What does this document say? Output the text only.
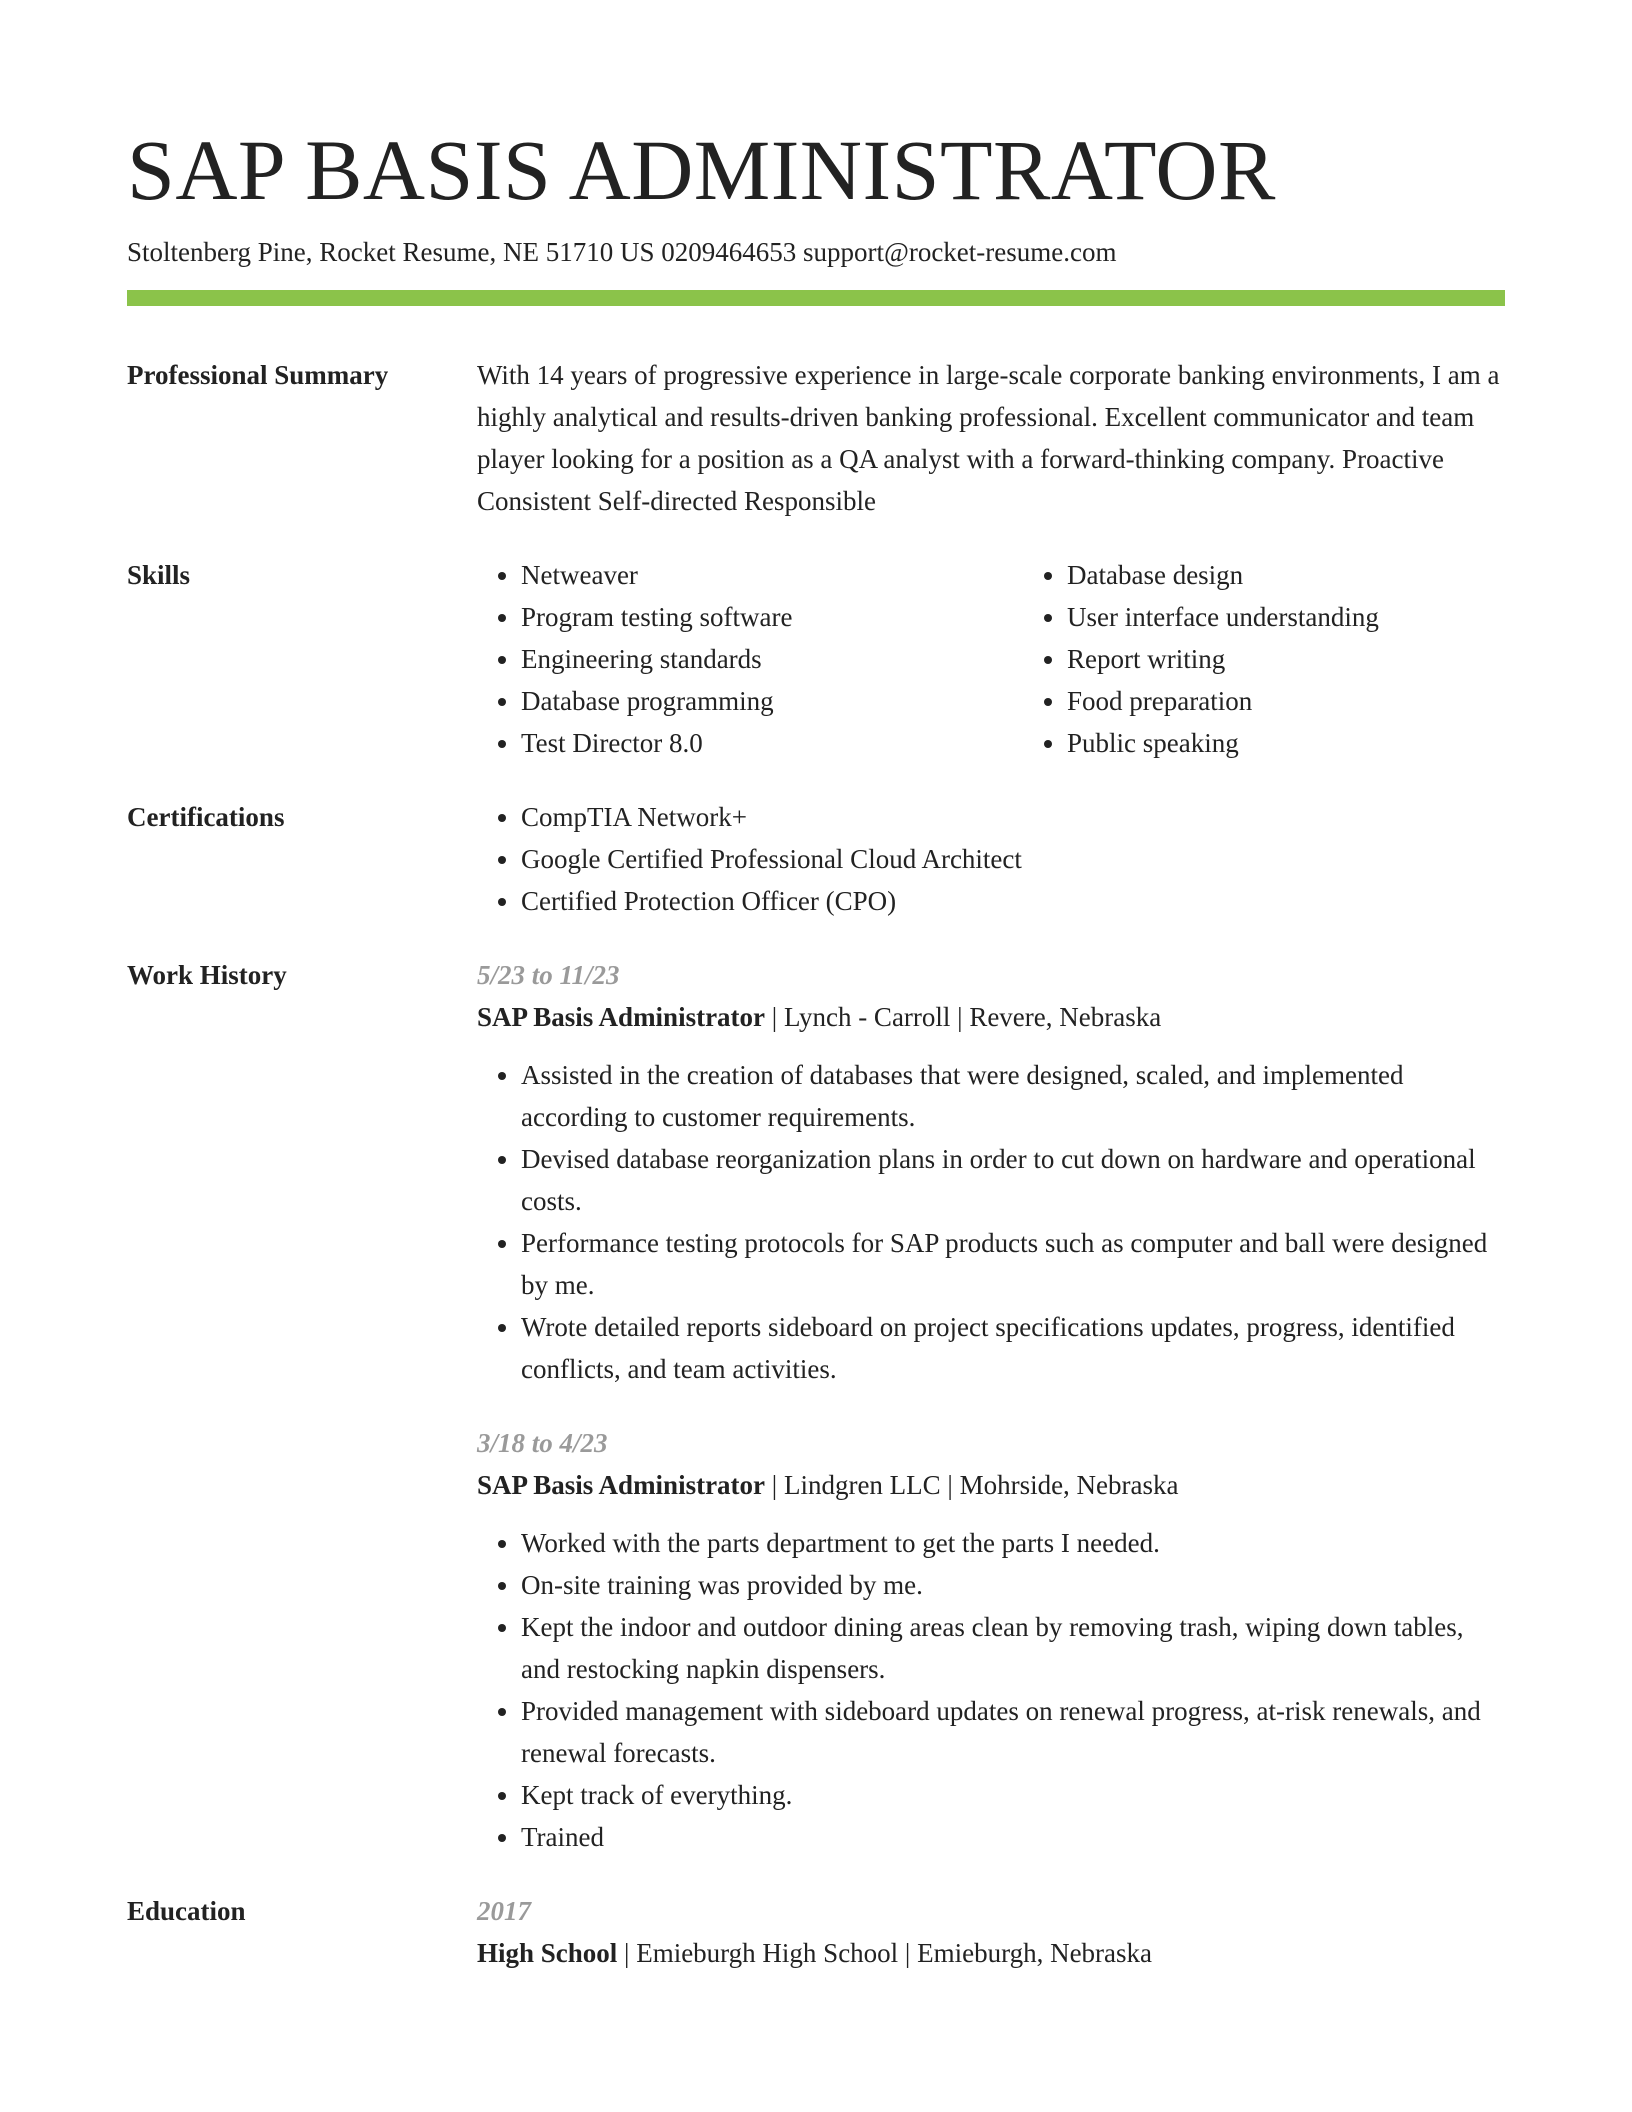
SAP BASIS ADMINISTRATOR
Stoltenberg Pine, Rocket Resume, NE 51710 US 0209464653 support@rocket-resume.com
Professional Summary	With 14 years of progressive experience in large-scale corporate banking environments, I am a highly analytical and results-driven banking professional. Excellent communicator and team player looking for a position as a QA analyst with a forward-thinking company. Proactive Consistent Self-directed Responsible
Skills	• Netweaver
• Program testing software
• Engineering standards
• Database programming
• Test Director 8.0
• Database design
• User interface understanding
• Report writing
• Food preparation
• Public speaking
Certifications	• CompTIA Network+
• Google Certified Professional Cloud Architect
• Certified Protection Officer (CPO)
Work History	5/23 to 11/23
SAP Basis Administrator | Lynch - Carroll | Revere, Nebraska
• Assisted in the creation of databases that were designed, scaled, and implemented according to customer requirements.
• Devised database reorganization plans in order to cut down on hardware and operational costs.
• Performance testing protocols for SAP products such as computer and ball were designed by me.
• Wrote detailed reports sideboard on project specifications updates, progress, identified conflicts, and team activities.
3/18 to 4/23
SAP Basis Administrator | Lindgren LLC | Mohrside, Nebraska
• Worked with the parts department to get the parts I needed.
• On-site training was provided by me.
• Kept the indoor and outdoor dining areas clean by removing trash, wiping down tables, and restocking napkin dispensers.
• Provided management with sideboard updates on renewal progress, at-risk renewals, and renewal forecasts.
• Kept track of everything.
• Trained
Education	2017
High School | Emieburgh High School | Emieburgh, Nebraska
